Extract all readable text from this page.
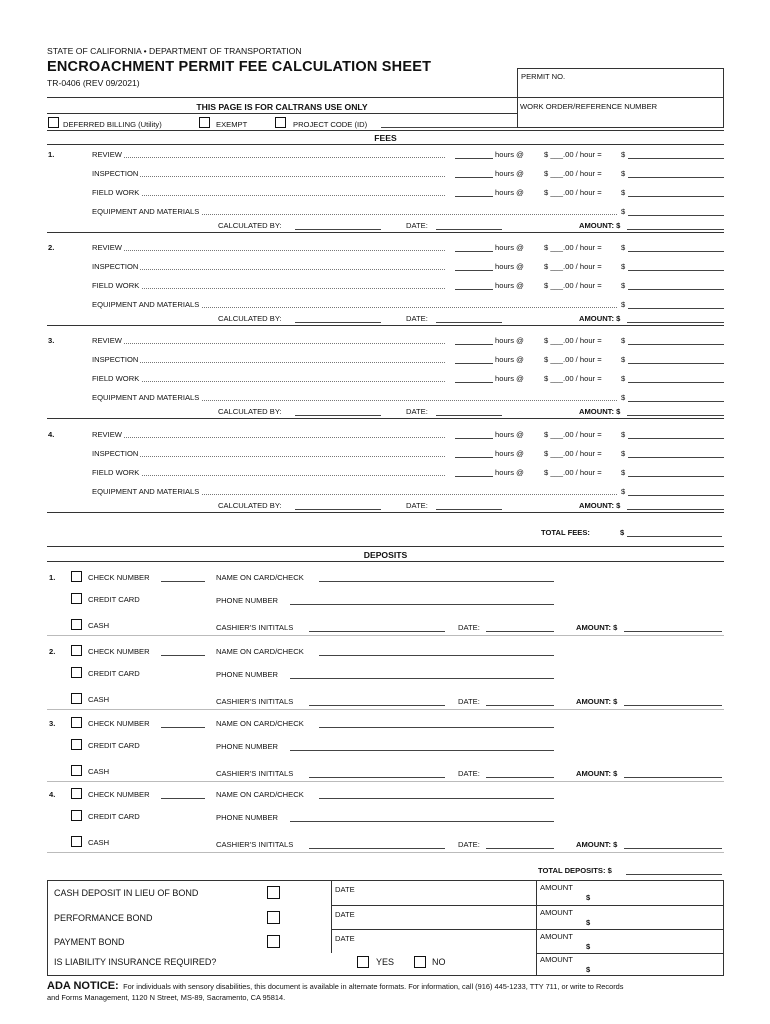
STATE OF CALIFORNIA • DEPARTMENT OF TRANSPORTATION
ENCROACHMENT PERMIT FEE CALCULATION SHEET
TR-0406 (REV 09/2021)
PERMIT NO.
WORK ORDER/REFERENCE NUMBER
THIS PAGE IS FOR CALTRANS USE ONLY
DEFERRED BILLING (Utility)	EXEMPT	PROJECT CODE (ID)
FEES
1.	REVIEW	hours @	$ ___.00 / hour =	$
INSPECTION	hours @	$ ___.00 / hour =	$
FIELD WORK	hours @	$ ___.00 / hour =	$
EQUIPMENT AND MATERIALS	$
CALCULATED BY:	DATE:	AMOUNT: $
2.	REVIEW	hours @	$ ___.00 / hour =	$
INSPECTION	hours @	$ ___.00 / hour =	$
FIELD WORK	hours @	$ ___.00 / hour =	$
EQUIPMENT AND MATERIALS	$
CALCULATED BY:	DATE:	AMOUNT: $
3.	REVIEW	hours @	$ ___.00 / hour =	$
INSPECTION	hours @	$ ___.00 / hour =	$
FIELD WORK	hours @	$ ___.00 / hour =	$
EQUIPMENT AND MATERIALS	$
CALCULATED BY:	DATE:	AMOUNT: $
4.	REVIEW	hours @	$ ___.00 / hour =	$
INSPECTION	hours @	$ ___.00 / hour =	$
FIELD WORK	hours @	$ ___.00 / hour =	$
EQUIPMENT AND MATERIALS	$
CALCULATED BY:	DATE:	AMOUNT: $
TOTAL FEES:	$
DEPOSITS
1.	CHECK NUMBER	NAME ON CARD/CHECK
CREDIT CARD	PHONE NUMBER
CASH	CASHIER'S INITITALS	DATE:	AMOUNT: $
2.	CHECK NUMBER	NAME ON CARD/CHECK
CREDIT CARD	PHONE NUMBER
CASH	CASHIER'S INITITALS	DATE:	AMOUNT: $
3.	CHECK NUMBER	NAME ON CARD/CHECK
CREDIT CARD	PHONE NUMBER
CASH	CASHIER'S INITITALS	DATE:	AMOUNT: $
4.	CHECK NUMBER	NAME ON CARD/CHECK
CREDIT CARD	PHONE NUMBER
CASH	CASHIER'S INITITALS	DATE:	AMOUNT: $
TOTAL DEPOSITS: $
CASH DEPOSIT IN LIEU OF BOND	DATE	AMOUNT
$
PERFORMANCE BOND	DATE	AMOUNT
$
PAYMENT BOND	DATE	AMOUNT
$
IS LIABILITY INSURANCE REQUIRED?	YES	NO	AMOUNT
$
ADA NOTICE: For individuals with sensory disabilities, this document is available in alternate formats. For information, call (916) 445-1233, TTY 711, or write to Records
and Forms Management, 1120 N Street, MS-89, Sacramento, CA 95814.
